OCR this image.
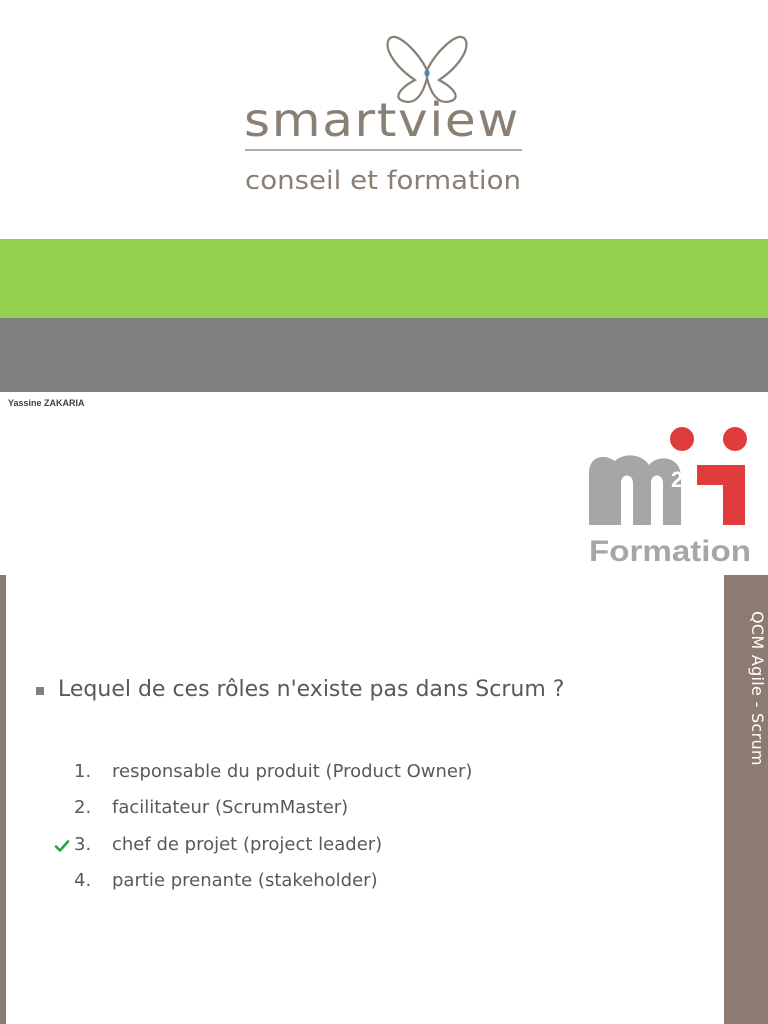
smartview
conseil et formation
Yassine ZAKARIA
2
Formation
QCM Agile - Scrum
Lequel de ces rôles n'existe pas dans Scrum ?
1. responsable du produit (Product Owner)
2. facilitateur (ScrumMaster)
3. chef de projet (project leader)
4. partie prenante (stakeholder)
